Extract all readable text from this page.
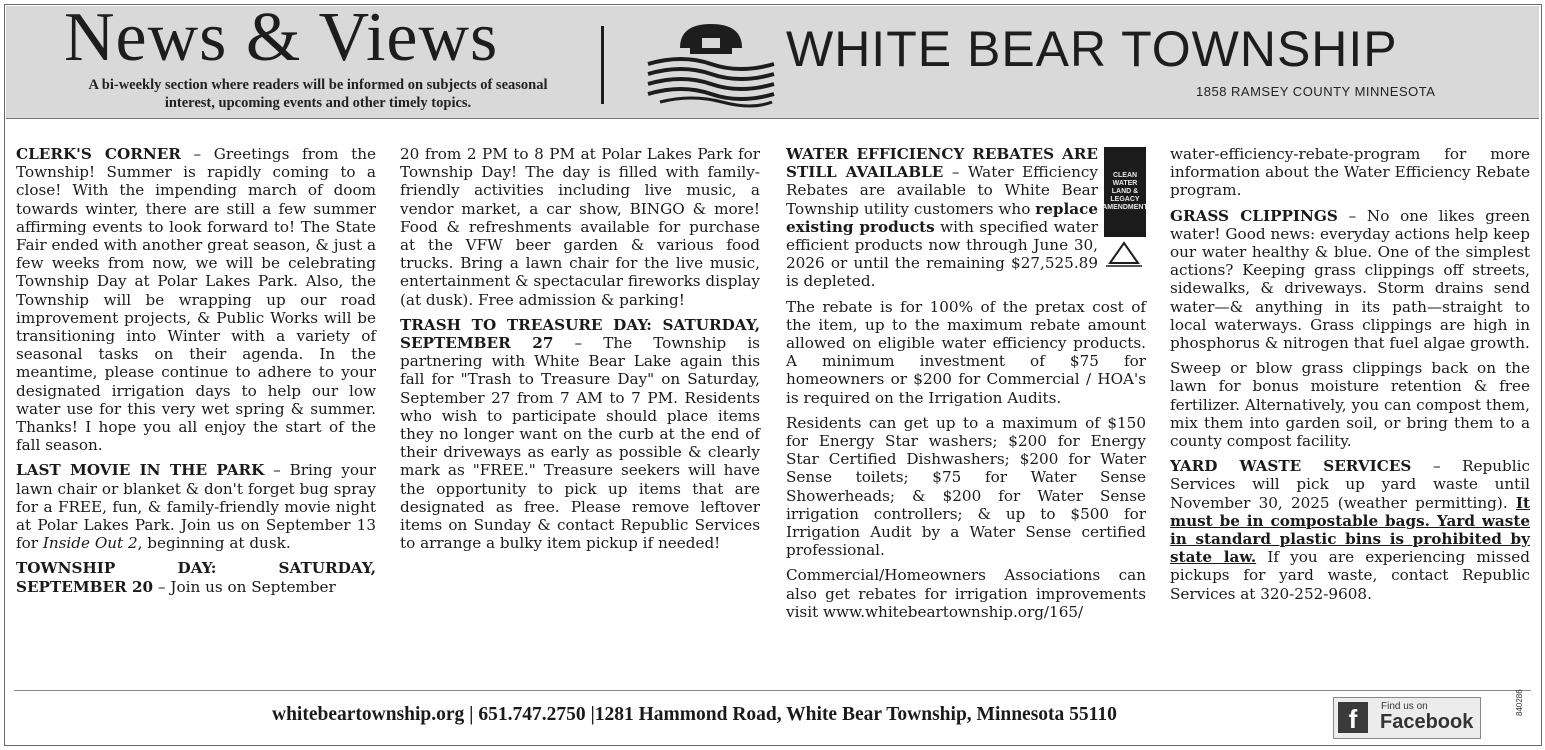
News & Views
A bi-weekly section where readers will be informed on subjects of seasonal interest, upcoming events and other timely topics.
WHITE BEAR TOWNSHIP
1858 RAMSEY COUNTY MINNESOTA

CLERK'S CORNER – Greetings from the Township! Summer is rapidly coming to a close! With the impending march of doom towards winter, there are still a few summer affirming events to look forward to! The State Fair ended with another great season, & just a few weeks from now, we will be celebrating Township Day at Polar Lakes Park. Also, the Township will be wrapping up our road improvement projects, & Public Works will be transitioning into Winter with a variety of seasonal tasks on their agenda. In the meantime, please continue to adhere to your designated irrigation days to help our low water use for this very wet spring & summer. Thanks! I hope you all enjoy the start of the fall season.

LAST MOVIE IN THE PARK – Bring your lawn chair or blanket & don't forget bug spray for a FREE, fun, & family-friendly movie night at Polar Lakes Park. Join us on September 13 for Inside Out 2, beginning at dusk.

TOWNSHIP DAY: SATURDAY, SEPTEMBER 20 – Join us on September

20 from 2 PM to 8 PM at Polar Lakes Park for Township Day! The day is filled with family-friendly activities including live music, a vendor market, a car show, BINGO & more! Food & refreshments available for purchase at the VFW beer garden & various food trucks. Bring a lawn chair for the live music, entertainment & spectacular fireworks display (at dusk). Free admission & parking!

TRASH TO TREASURE DAY: SATURDAY, SEPTEMBER 27 – The Township is partnering with White Bear Lake again this fall for "Trash to Treasure Day" on Saturday, September 27 from 7 AM to 7 PM. Residents who wish to participate should place items they no longer want on the curb at the end of their driveways as early as possible & clearly mark as "FREE." Treasure seekers will have the opportunity to pick up items that are designated as free. Please remove leftover items on Sunday & contact Republic Services to arrange a bulky item pickup if needed!

CLEAN WATER LAND & LEGACY AMENDMENT
WATER EFFICIENCY REBATES ARE STILL AVAILABLE – Water Efficiency Rebates are available to White Bear Township utility customers who replace existing products with specified water efficient products now through June 30, 2026 or until the remaining $27,525.89 is depleted.

The rebate is for 100% of the pretax cost of the item, up to the maximum rebate amount allowed on eligible water efficiency products. A minimum investment of $75 for homeowners or $200 for Commercial / HOA's is required on the Irrigation Audits.

Residents can get up to a maximum of $150 for Energy Star washers; $200 for Energy Star Certified Dishwashers; $200 for Water Sense toilets; $75 for Water Sense Showerheads; & $200 for Water Sense irrigation controllers; & up to $500 for Irrigation Audit by a Water Sense certified professional.

Commercial/Homeowners Associations can also get rebates for irrigation improvements visit www.whitebeartownship.org/165/

water-efficiency-rebate-program for more information about the Water Efficiency Rebate program.

GRASS CLIPPINGS – No one likes green water! Good news: everyday actions help keep our water healthy & blue. One of the simplest actions? Keeping grass clippings off streets, sidewalks, & driveways. Storm drains send water—& anything in its path—straight to local waterways. Grass clippings are high in phosphorus & nitrogen that fuel algae growth.

Sweep or blow grass clippings back on the lawn for bonus moisture retention & free fertilizer. Alternatively, you can compost them, mix them into garden soil, or bring them to a county compost facility.

YARD WASTE SERVICES – Republic Services will pick up yard waste until November 30, 2025 (weather permitting). It must be in compostable bags. Yard waste in standard plastic bins is prohibited by state law. If you are experiencing missed pickups for yard waste, contact Republic Services at 320-252-9608.

whitebeartownship.org | 651.747.2750 |1281 Hammond Road, White Bear Township, Minnesota 55110	f	Find us on
Facebook
840286
